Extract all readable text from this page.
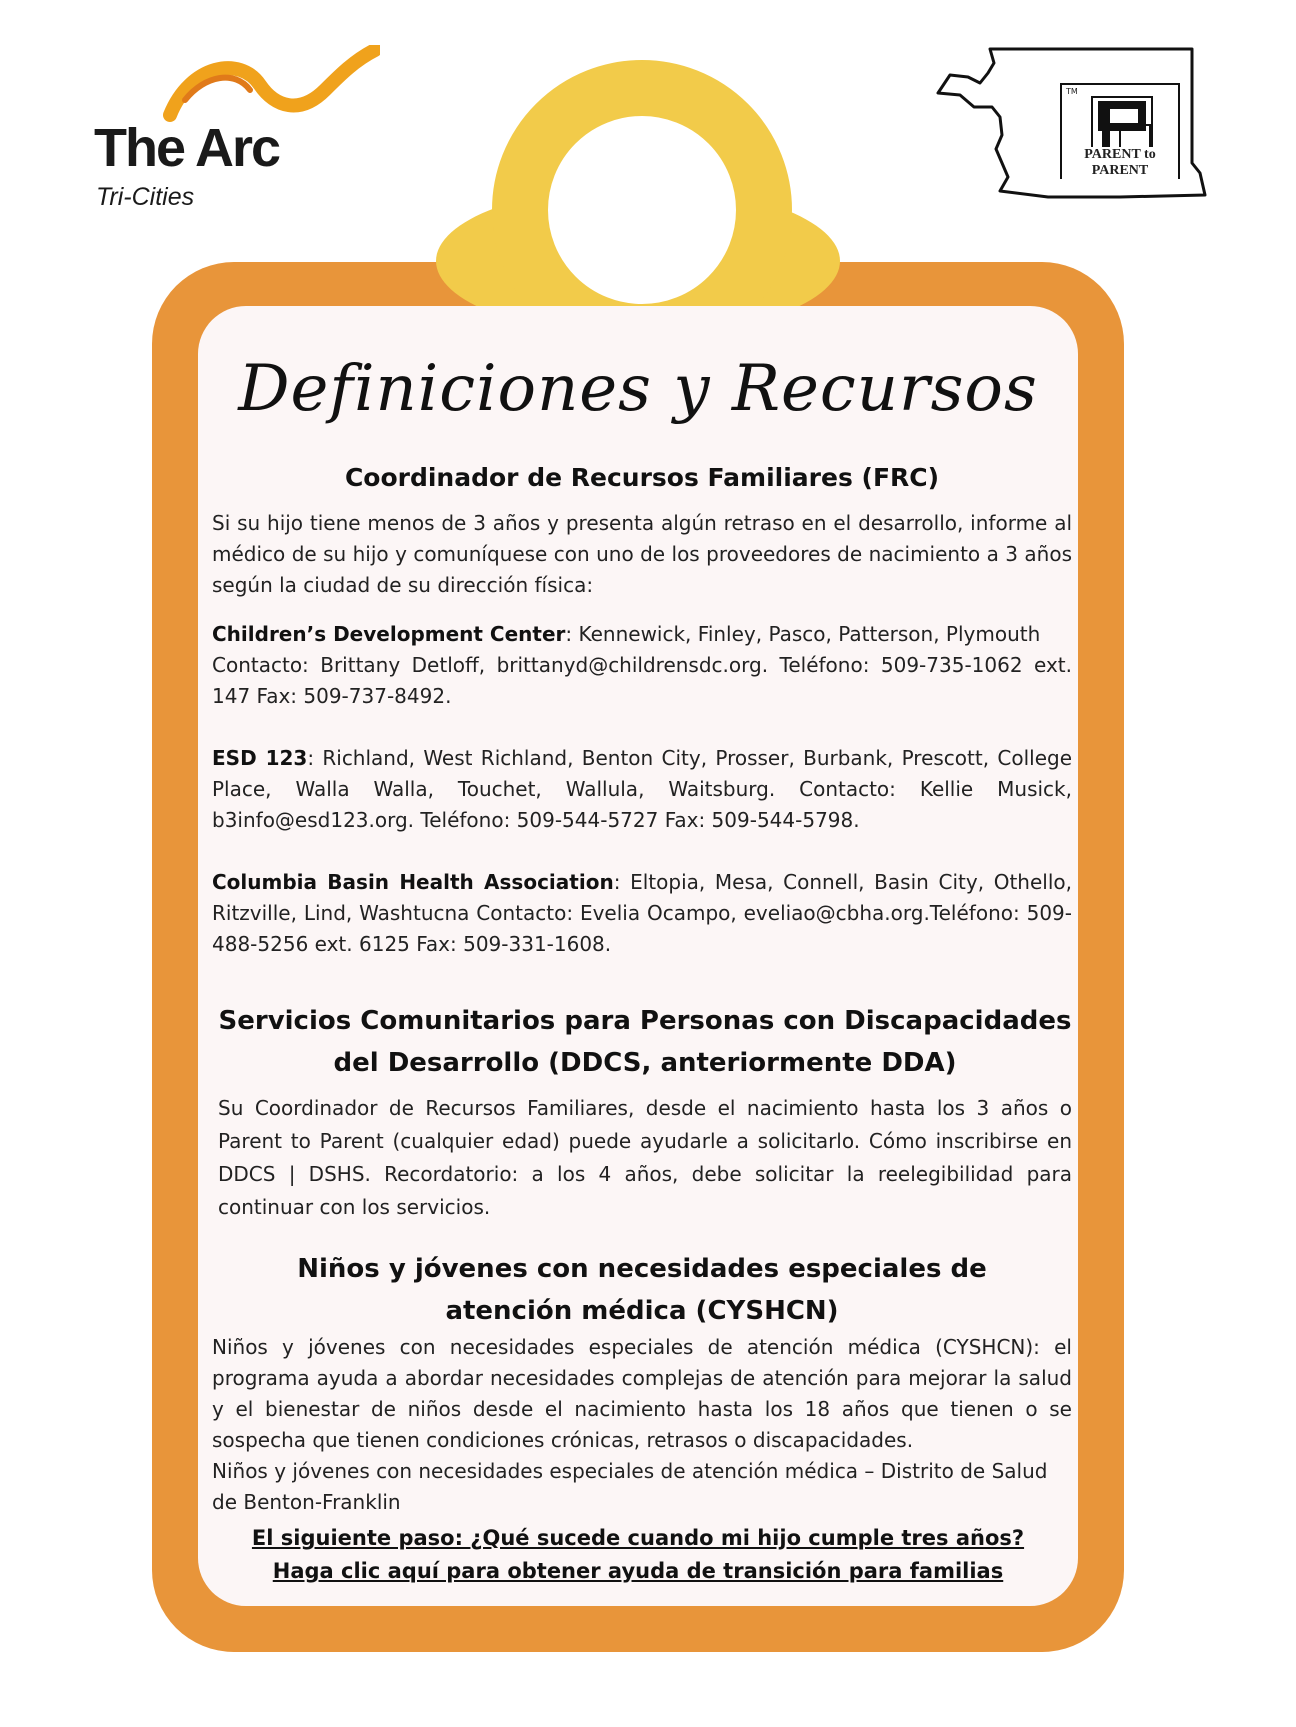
The Arc
Tri-Cities
TM
PARENT to PARENT
Definiciones y Recursos
Coordinador de Recursos Familiares (FRC)

Si su hijo tiene menos de 3 años y presenta algún retraso en el desarrollo, informe al médico de su hijo y comuníquese con uno de los proveedores de nacimiento a 3 años según la ciudad de su dirección física:

Children’s Development Center: Kennewick, Finley, Pasco, Patterson, Plymouth
Contacto: Brittany Detloff, brittanyd@childrensdc.org. Teléfono: 509-735-1062 ext. 147 Fax: 509-737-8492.

ESD 123: Richland, West Richland, Benton City, Prosser, Burbank, Prescott, College Place, Walla Walla, Touchet, Wallula, Waitsburg. Contacto: Kellie Musick, b3info@esd123.org. Teléfono: 509-544-5727 Fax: 509-544-5798.

Columbia Basin Health Association: Eltopia, Mesa, Connell, Basin City, Othello, Ritzville, Lind, Washtucna Contacto: Evelia Ocampo, eveliao@cbha.org.Teléfono: 509-488-5256 ext. 6125 Fax: 509-331-1608.

Servicios Comunitarios para Personas con Discapacidades
del Desarrollo (DDCS, anteriormente DDA)

Su Coordinador de Recursos Familiares, desde el nacimiento hasta los 3 años o Parent to Parent (cualquier edad) puede ayudarle a solicitarlo. Cómo inscribirse en DDCS | DSHS. Recordatorio: a los 4 años, debe solicitar la reelegibilidad para continuar con los servicios.

Niños y jóvenes con necesidades especiales de
atención médica (CYSHCN)

Niños y jóvenes con necesidades especiales de atención médica (CYSHCN): el programa ayuda a abordar necesidades complejas de atención para mejorar la salud y el bienestar de niños desde el nacimiento hasta los 18 años que tienen o se sospecha que tienen condiciones crónicas, retrasos o discapacidades.

Niños y jóvenes con necesidades especiales de atención médica – Distrito de Salud de Benton-Franklin

El siguiente paso: ¿Qué sucede cuando mi hijo cumple tres años?
Haga clic aquí para obtener ayuda de transición para familias
